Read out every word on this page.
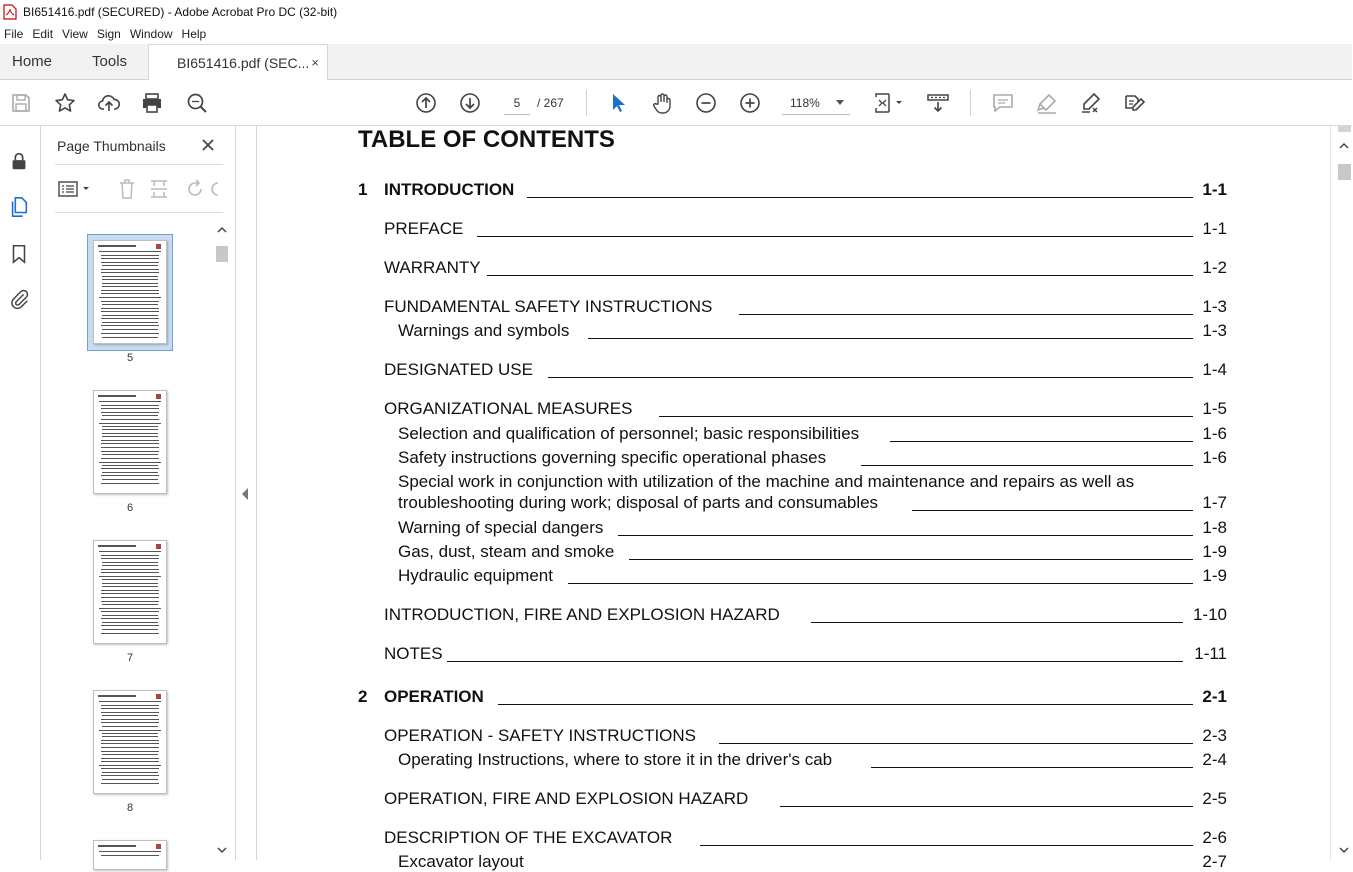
BI651416.pdf (SECURED) - Adobe Acrobat Pro DC (32-bit)
File Edit View Sign Window Help
Home	Tools	BI651416.pdf (SEC... ×
5	/ 267	118%
Page Thumbnails
5
6
7
8
TABLE OF CONTENTS
1 INTRODUCTION	1-1
PREFACE	1-1
WARRANTY	1-2
FUNDAMENTAL SAFETY INSTRUCTIONS	1-3
Warnings and symbols	1-3
DESIGNATED USE	1-4
ORGANIZATIONAL MEASURES	1-5
Selection and qualification of personnel; basic responsibilities	1-6
Safety instructions governing specific operational phases	1-6
Special work in conjunction with utilization of the machine and maintenance and repairs as well as
troubleshooting during work; disposal of parts and consumables	1-7
Warning of special dangers	1-8
Gas, dust, steam and smoke	1-9
Hydraulic equipment	1-9
INTRODUCTION, FIRE AND EXPLOSION HAZARD	1-10
NOTES	1-11
2 OPERATION	2-1
OPERATION - SAFETY INSTRUCTIONS	2-3
Operating Instructions, where to store it in the driver's cab	2-4
OPERATION, FIRE AND EXPLOSION HAZARD	2-5
DESCRIPTION OF THE EXCAVATOR	2-6
Excavator layout	2-7
